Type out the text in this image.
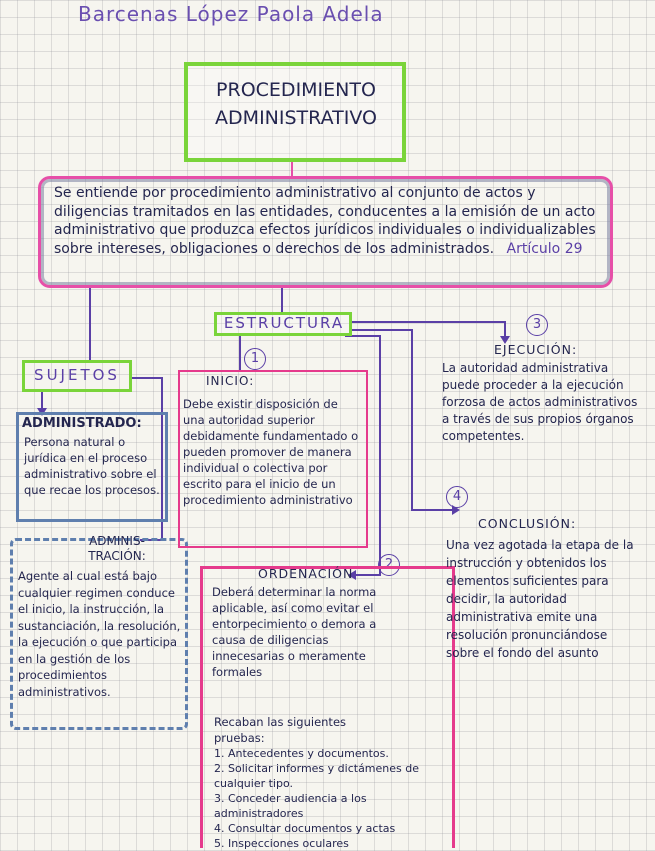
Barcenas López Paola Adela
PROCEDIMIENTO
ADMINISTRATIVO
Se entiende por procedimiento administrativo al conjunto de actos y diligencias tramitados en las entidades, conducentes a la emisión de un acto administrativo que produzca efectos jurídicos individuales o individualizables sobre intereses, obligaciones o derechos de los administrados. Artículo 29
ESTRUCTURA
SUJETOS
ADMINISTRADO:
Persona natural o jurídica en el proceso administrativo sobre el que recae los procesos.
ADMINIS-
TRACIÓN:
Agente al cual está bajo cualquier regimen conduce el inicio, la instrucción, la sustanciación, la resolución, la ejecución o que participa en la gestión de los procedimientos administrativos.
1
INICIO:
Debe existir disposición de una autoridad superior debidamente fundamentado o pueden promover de manera individual o colectiva por escrito para el inicio de un procedimiento administrativo
2
ORDENACIÓN
Deberá determinar la norma aplicable, así como evitar el entorpecimiento o demora a causa de diligencias innecesarias o meramente formales
Recaban las siguientes pruebas:
1. Antecedentes y documentos.
2. Solicitar informes y dictámenes de cualquier tipo.
3. Conceder audiencia a los administradores
4. Consultar documentos y actas
5. Inspecciones oculares
3
EJECUCIÓN:
La autoridad administrativa puede proceder a la ejecución forzosa de actos administrativos a través de sus propios órganos competentes.
4
CONCLUSIÓN:
Una vez agotada la etapa de la instrucción y obtenidos los elementos suficientes para decidir, la autoridad administrativa emite una resolución pronunciándose sobre el fondo del asunto
